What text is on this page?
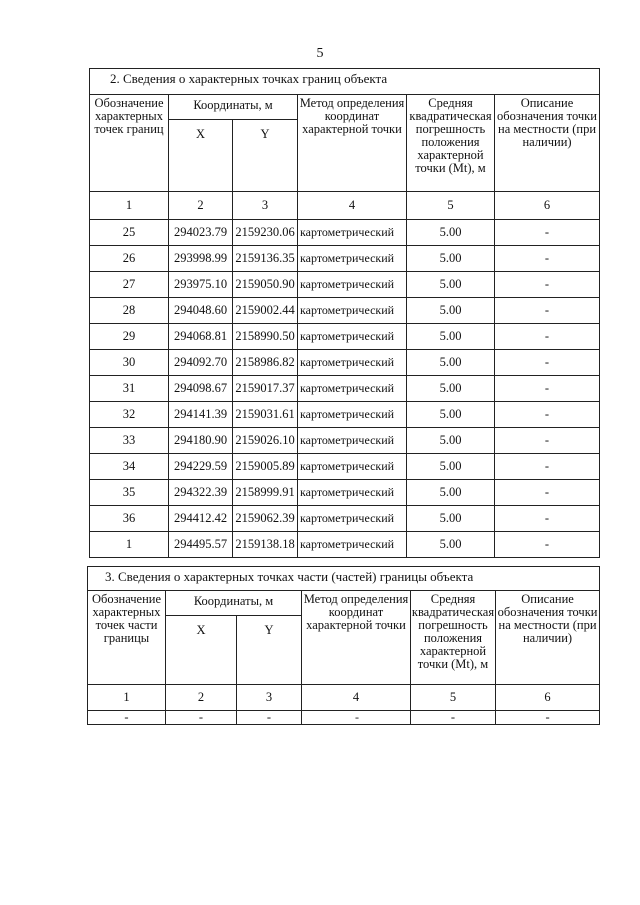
5
2. Сведения о характерных точках границ объекта					
Обозначение характерных точек границ	Координаты, м		Метод определения координат характерной точки	Средняя квадратическая погрешность положения характерной точки (Mt), м	Описание обозначения точки на местности (при наличии)
	X	Y			
1	2	3	4	5	6
25	294023.79	2159230.06	картометрический	5.00	-
26	293998.99	2159136.35	картометрический	5.00	-
27	293975.10	2159050.90	картометрический	5.00	-
28	294048.60	2159002.44	картометрический	5.00	-
29	294068.81	2158990.50	картометрический	5.00	-
30	294092.70	2158986.82	картометрический	5.00	-
31	294098.67	2159017.37	картометрический	5.00	-
32	294141.39	2159031.61	картометрический	5.00	-
33	294180.90	2159026.10	картометрический	5.00	-
34	294229.59	2159005.89	картометрический	5.00	-
35	294322.39	2158999.91	картометрический	5.00	-
36	294412.42	2159062.39	картометрический	5.00	-
1	294495.57	2159138.18	картометрический	5.00	-
3. Сведения о характерных точках части (частей) границы объекта					
Обозначение характерных точек части границы	Координаты, м		Метод определения координат характерной точки	Средняя квадратическая погрешность положения характерной точки (Mt), м	Описание обозначения точки на местности (при наличии)
	X	Y			
1	2	3	4	5	6
-	-	-	-	-	-
